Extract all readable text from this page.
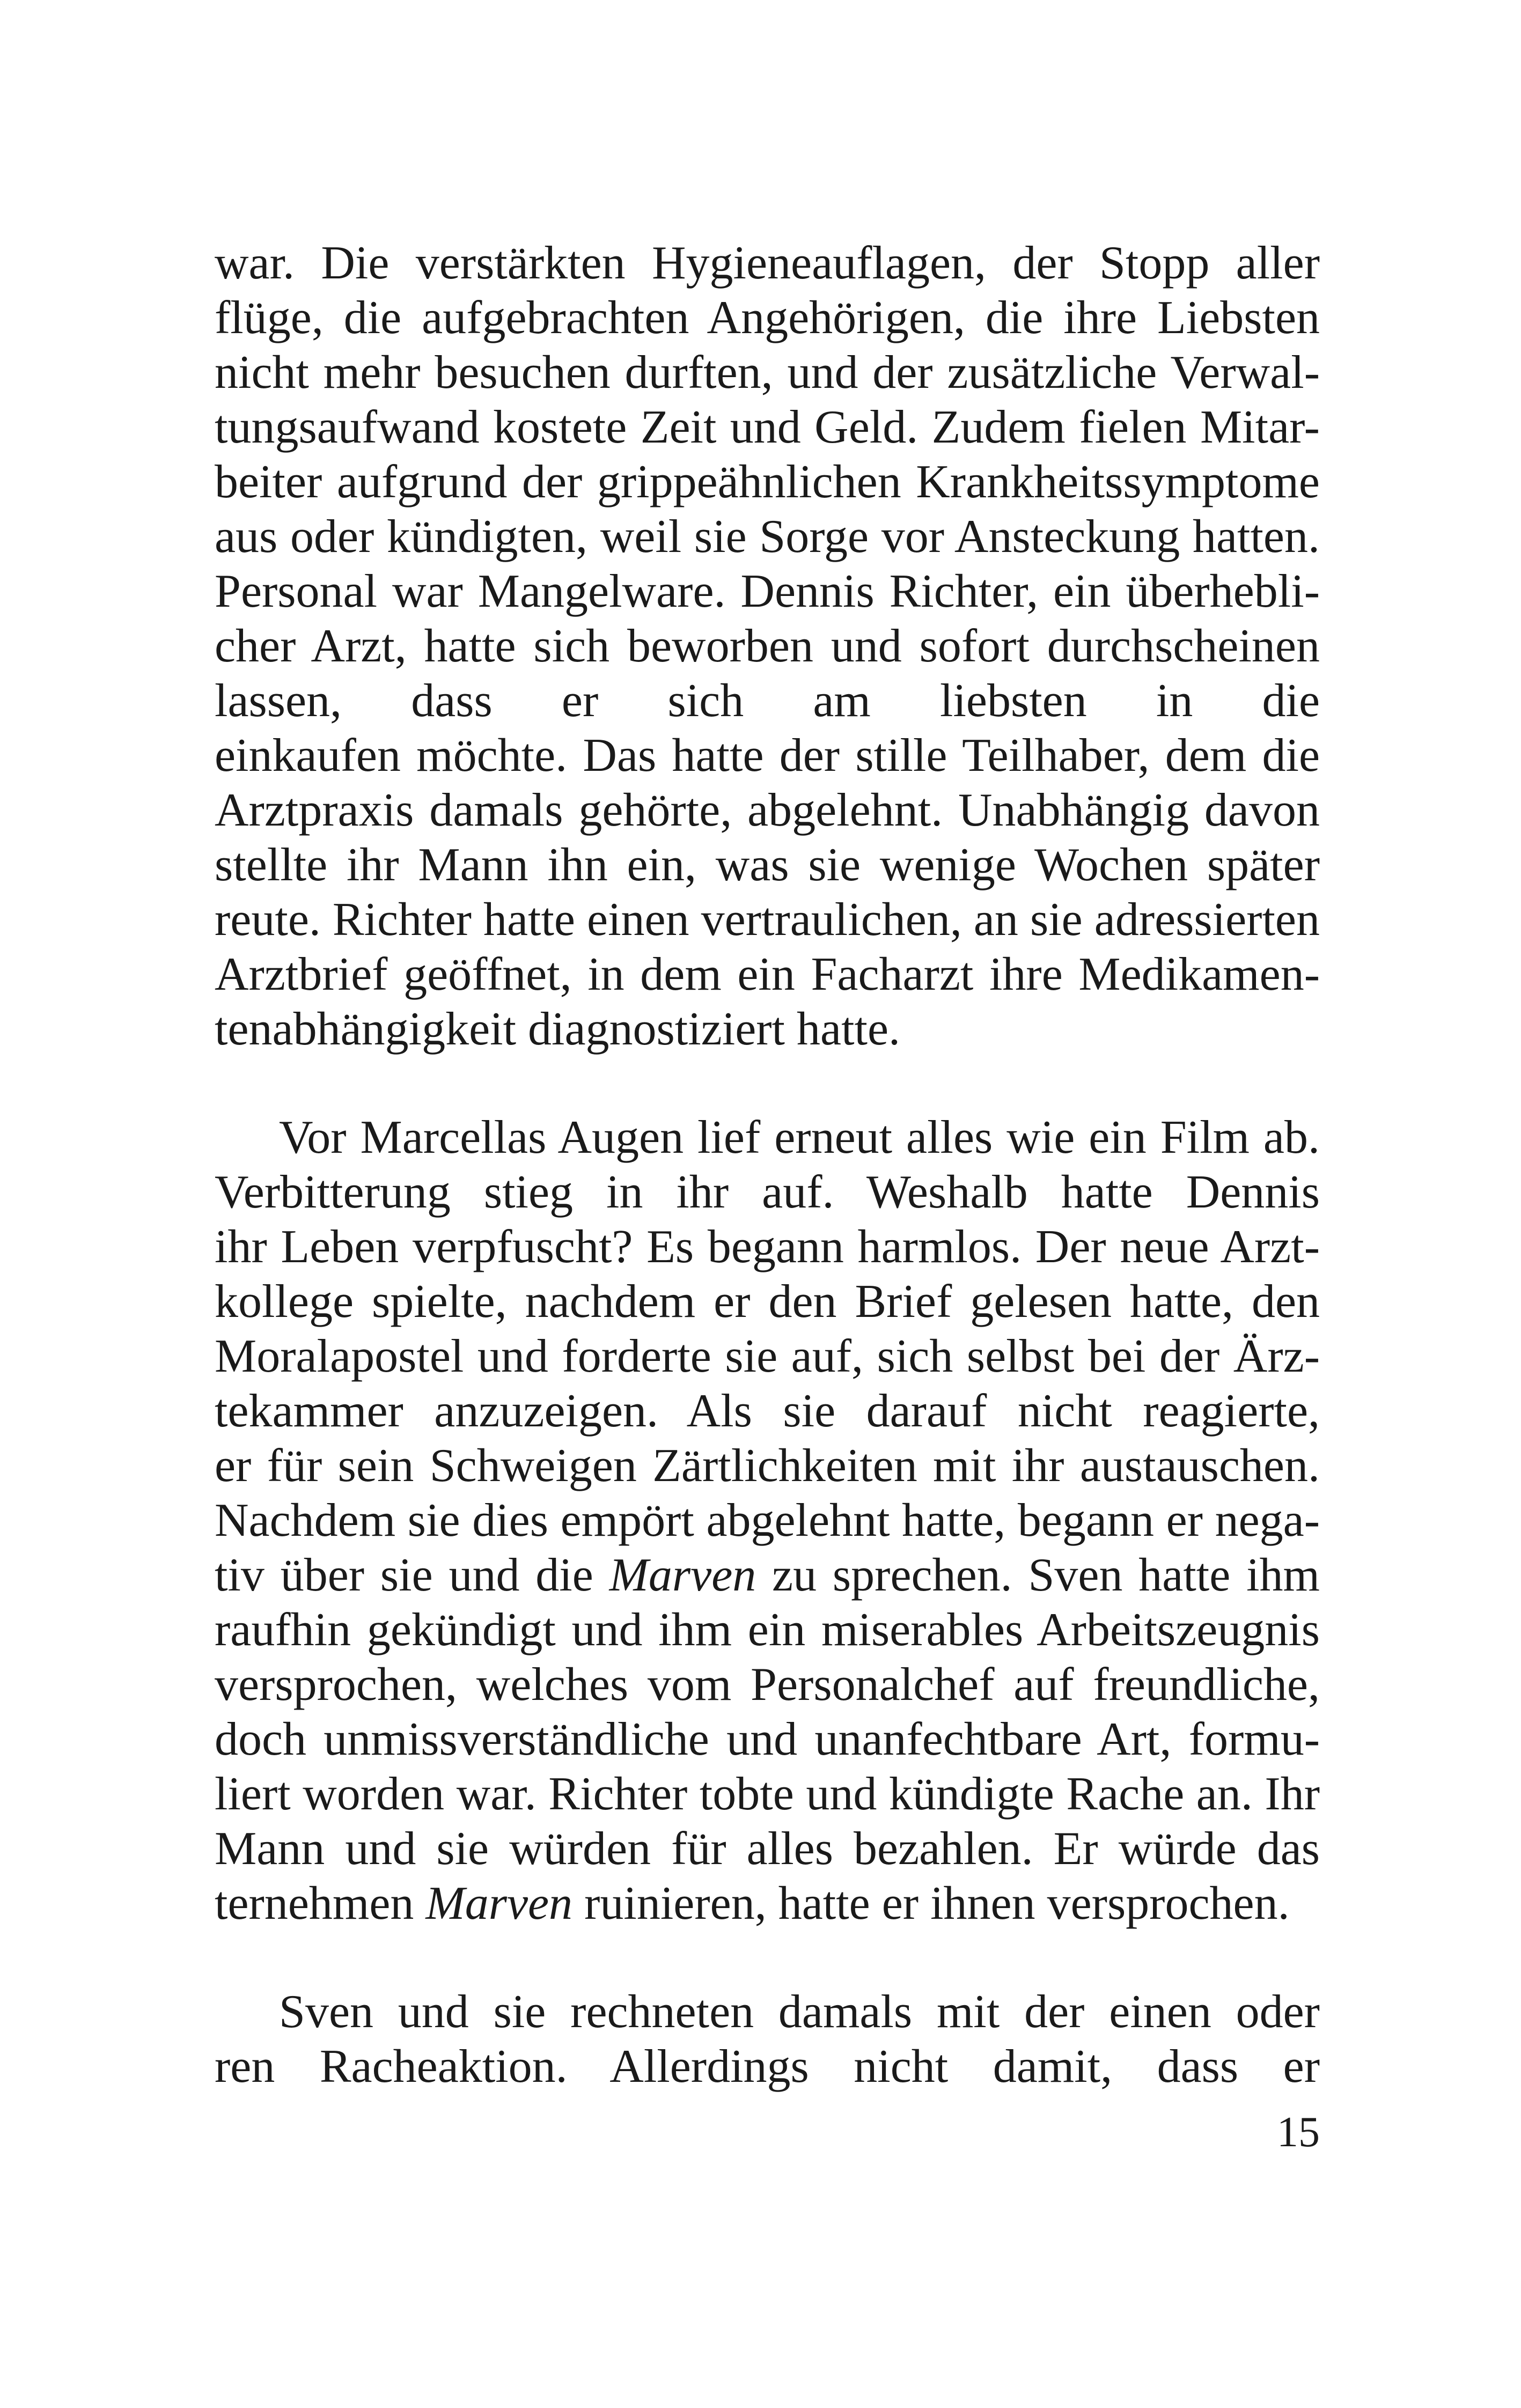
war. Die verstärkten Hygieneauflagen, der Stopp aller
flüge, die aufgebrachten Angehörigen, die ihre Liebsten
nicht mehr besuchen durften, und der zusätzliche Verwal-
tungsaufwand kostete Zeit und Geld. Zudem fielen Mitar-
beiter aufgrund der grippeähnlichen Krankheitssymptome
aus oder kündigten, weil sie Sorge vor Ansteckung hatten.
Personal war Mangelware. Dennis Richter, ein überhebli-
cher Arzt, hatte sich beworben und sofort durchscheinen
lassen, dass er sich am liebsten in die
einkaufen möchte. Das hatte der stille Teilhaber, dem die
Arztpraxis damals gehörte, abgelehnt. Unabhängig davon
stellte ihr Mann ihn ein, was sie wenige Wochen später
reute. Richter hatte einen vertraulichen, an sie adressierten
Arztbrief geöffnet, in dem ein Facharzt ihre Medikamen-
tenabhängigkeit diagnostiziert hatte.
Vor Marcellas Augen lief erneut alles wie ein Film ab.
Verbitterung stieg in ihr auf. Weshalb hatte Dennis
ihr Leben verpfuscht? Es begann harmlos. Der neue Arzt-
kollege spielte, nachdem er den Brief gelesen hatte, den
Moralapostel und forderte sie auf, sich selbst bei der Ärz-
tekammer anzuzeigen. Als sie darauf nicht reagierte,
er für sein Schweigen Zärtlichkeiten mit ihr austauschen.
Nachdem sie dies empört abgelehnt hatte, begann er nega-
tiv über sie und die Marven zu sprechen. Sven hatte ihm
raufhin gekündigt und ihm ein miserables Arbeitszeugnis
versprochen, welches vom Personalchef auf freundliche,
doch unmissverständliche und unanfechtbare Art, formu-
liert worden war. Richter tobte und kündigte Rache an. Ihr
Mann und sie würden für alles bezahlen. Er würde das
ternehmen Marven ruinieren, hatte er ihnen versprochen.
Sven und sie rechneten damals mit der einen oder
ren Racheaktion. Allerdings nicht damit, dass er
15
